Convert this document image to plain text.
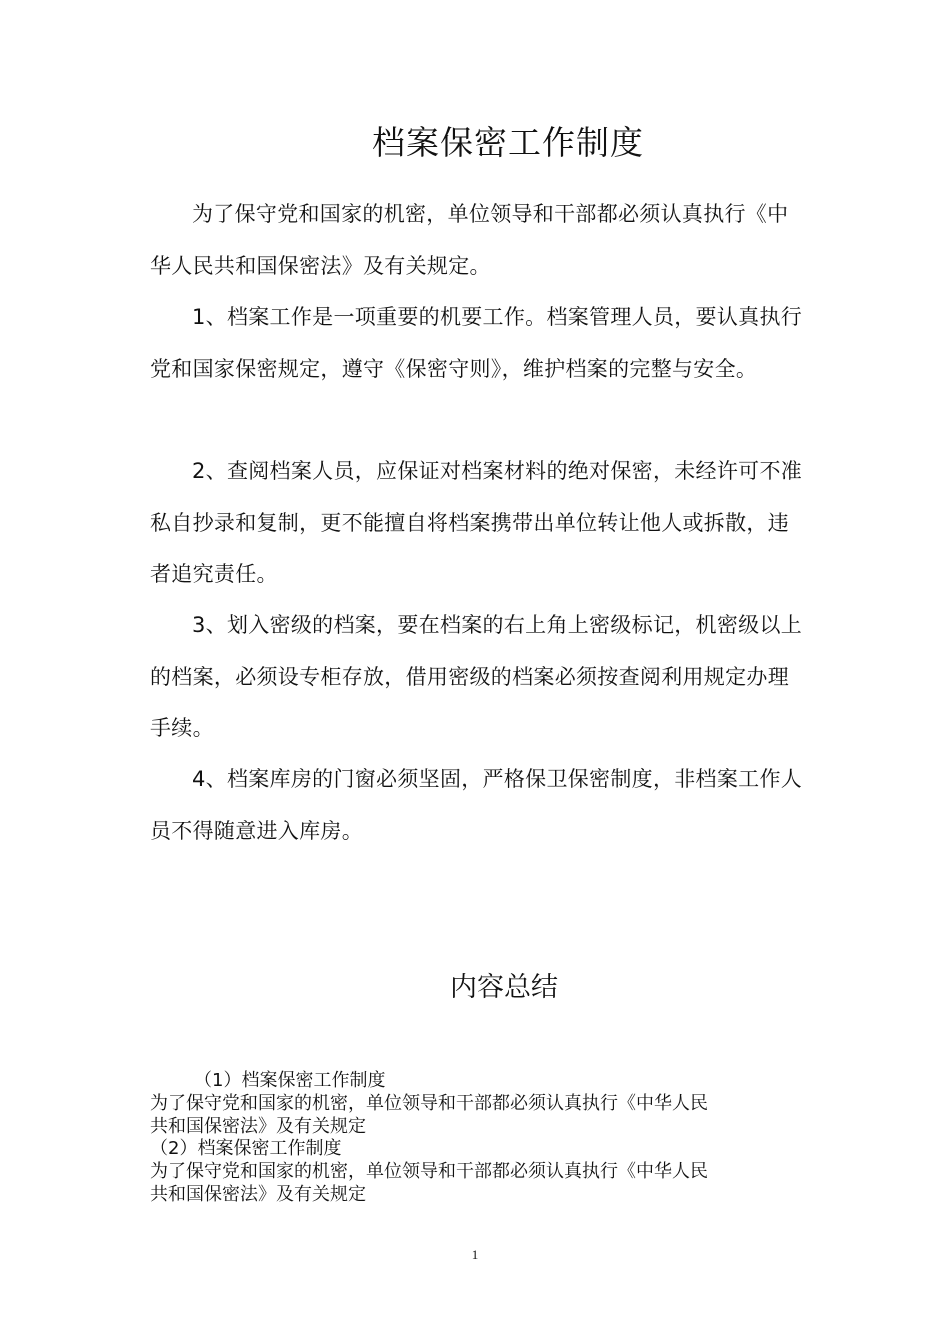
档案保密工作制度

为了保守党和国家的机密，单位领导和干部都必须认真执行《中华人民共和国保密法》及有关规定。

1、档案工作是一项重要的机要工作。档案管理人员，要认真执行党和国家保密规定，遵守《保密守则》，维护档案的完整与安全。

2、查阅档案人员，应保证对档案材料的绝对保密，未经许可不准私自抄录和复制，更不能擅自将档案携带出单位转让他人或拆散，违者追究责任。

3、划入密级的档案，要在档案的右上角上密级标记，机密级以上的档案，必须设专柜存放，借用密级的档案必须按查阅利用规定办理手续。

4、档案库房的门窗必须坚固，严格保卫保密制度，非档案工作人员不得随意进入库房。

内容总结

（1）档案保密工作制度

为了保守党和国家的机密，单位领导和干部都必须认真执行《中华人民

共和国保密法》及有关规定

（2）档案保密工作制度

为了保守党和国家的机密，单位领导和干部都必须认真执行《中华人民

共和国保密法》及有关规定

1
